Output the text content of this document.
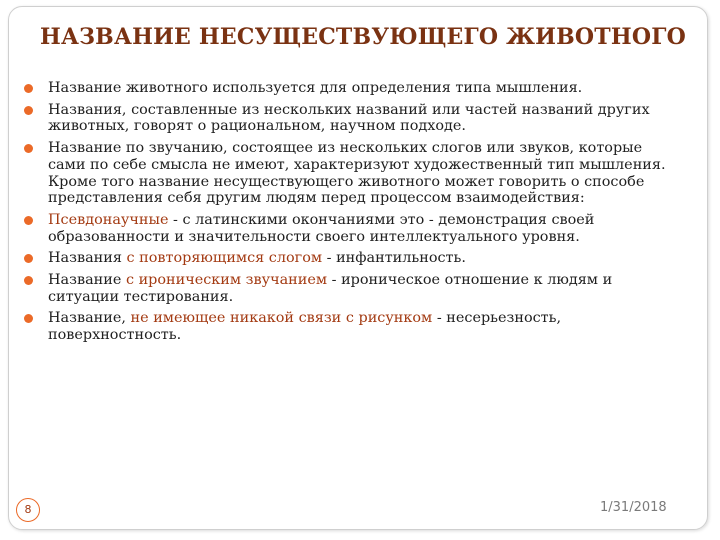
НАЗВАНИЕ НЕСУЩЕСТВУЮЩЕГО ЖИВОТНОГО
Название животного используется для определения типа мышления.
Названия, составленные из нескольких названий или частей названий других животных, говорят о рациональном, научном подходе.
Название по звучанию, состоящее из нескольких слогов или звуков, которые сами по себе смысла не имеют, характеризуют художественный тип мышления. Кроме того название несуществующего животного может говорить о способе представления себя другим людям перед процессом взаимодействия:
Псевдонаучные - с латинскими окончаниями это - демонстрация своей образованности и значительности своего интеллектуального уровня.
Названия с повторяющимся слогом - инфантильность.
Название с ироническим звучанием - ироническое отношение к людям и ситуации тестирования.
Название, не имеющее никакой связи с рисунком - несерьезность, поверхностность.
8	1/31/2018
